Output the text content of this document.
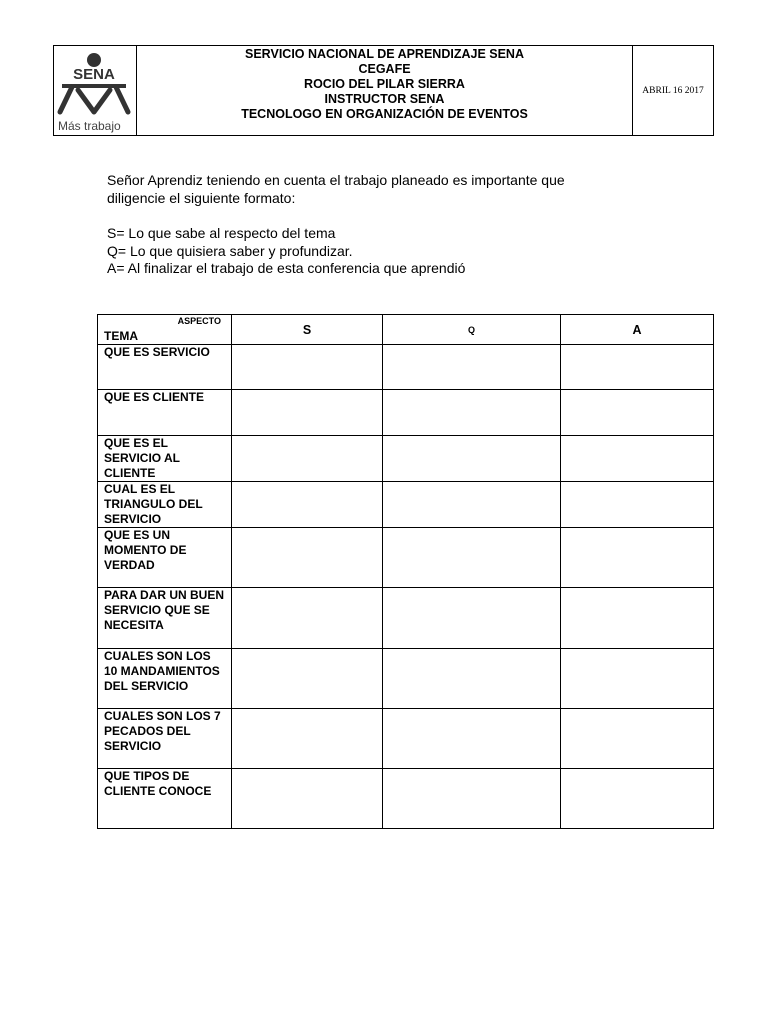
SENA
Más trabajo
SERVICIO NACIONAL DE APRENDIZAJE SENA
CEGAFE
ROCIO DEL PILAR SIERRA
INSTRUCTOR SENA
TECNOLOGO EN ORGANIZACIÓN DE EVENTOS
ABRIL 16 2017

Señor Aprendiz teniendo en cuenta el trabajo planeado es importante que

diligencie el siguiente formato:

S= Lo que sabe al respecto del tema

Q= Lo que quisiera saber y profundizar.

A= Al finalizar el trabajo de esta conferencia que aprendió

ASPECTO
TEMA	S	Q	A
QUE ES SERVICIO			
QUE ES CLIENTE			
QUE ES EL SERVICIO AL CLIENTE			
CUAL ES EL TRIANGULO DEL SERVICIO			
QUE ES UN MOMENTO DE VERDAD			
PARA DAR UN BUEN SERVICIO QUE SE NECESITA			
CUALES SON LOS 10 MANDAMIENTOS DEL SERVICIO			
CUALES SON LOS 7 PECADOS DEL SERVICIO			
QUE TIPOS DE CLIENTE CONOCE			
